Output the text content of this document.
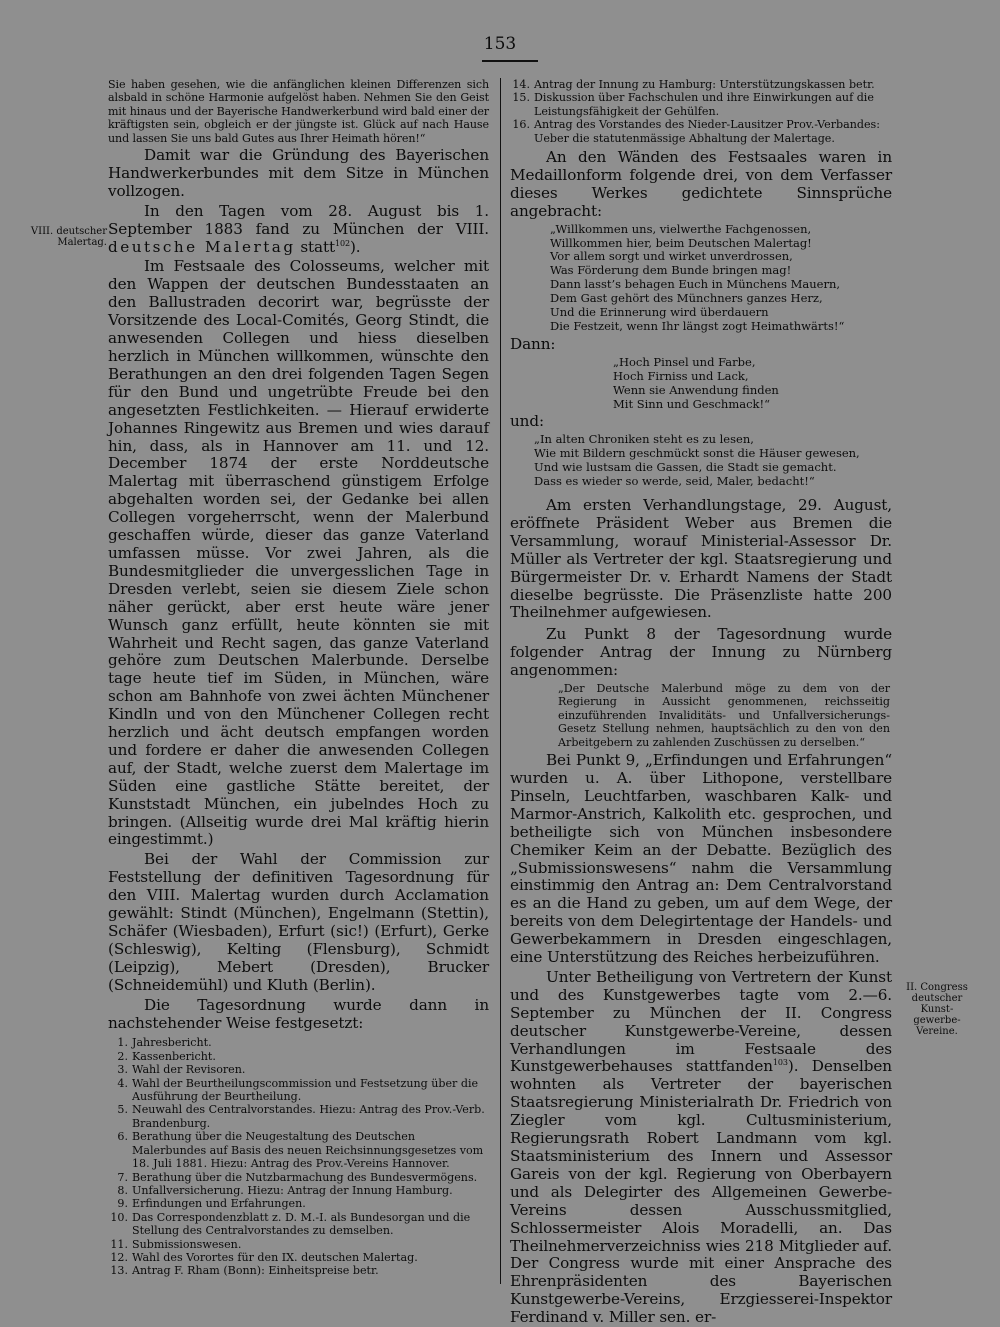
153
VIII. deutscher
Malertag.
II. Congress
deutscher Kunst-
gewerbe-Vereine.
Sie haben gesehen, wie die anfänglichen kleinen Differenzen sich alsbald in schöne Harmonie aufgelöst haben. Nehmen Sie den Geist mit hinaus und der Bayerische Handwerkerbund wird bald einer der kräftigsten sein, obgleich er der jüngste ist. Glück auf nach Hause und lassen Sie uns bald Gutes aus Ihrer Heimath hören!“

Damit war die Gründung des Bayerischen Handwerkerbundes mit dem Sitze in München vollzogen.

In den Tagen vom 28. August bis 1. September 1883 fand zu München der VIII. deutsche Malertag statt$^{102}$).

Im Festsaale des Colosseums, welcher mit den Wappen der deutschen Bundesstaaten an den Ballustraden decorirt war, begrüsste der Vorsitzende des Local-Comités, Georg Stindt, die anwesenden Collegen und hiess dieselben herzlich in München willkommen, wünschte den Berathungen an den drei folgenden Tagen Segen für den Bund und ungetrübte Freude bei den angesetzten Festlichkeiten. — Hierauf erwiderte Johannes Ringewitz aus Bremen und wies darauf hin, dass, als in Hannover am 11. und 12. December 1874 der erste Norddeutsche Malertag mit überraschend günstigem Erfolge abgehalten worden sei, der Gedanke bei allen Collegen vorgeherrscht, wenn der Malerbund geschaffen würde, dieser das ganze Vaterland umfassen müsse. Vor zwei Jahren, als die Bundesmitglieder die unvergesslichen Tage in Dresden verlebt, seien sie diesem Ziele schon näher gerückt, aber erst heute wäre jener Wunsch ganz erfüllt, heute könnten sie mit Wahrheit und Recht sagen, das ganze Vaterland gehöre zum Deutschen Malerbunde. Derselbe tage heute tief im Süden, in München, wäre schon am Bahnhofe von zwei ächten Münchener Kindln und von den Münchener Collegen recht herzlich und ächt deutsch empfangen worden und fordere er daher die anwesenden Collegen auf, der Stadt, welche zuerst dem Malertage im Süden eine gastliche Stätte bereitet, der Kunststadt München, ein jubelndes Hoch zu bringen. (Allseitig wurde drei Mal kräftig hierin eingestimmt.)

Bei der Wahl der Commission zur Feststellung der definitiven Tagesordnung für den VIII. Malertag wurden durch Acclamation gewählt: Stindt (München), Engelmann (Stettin), Schäfer (Wiesbaden), Erfurt (sic!) (Erfurt), Gerke (Schleswig), Kelting (Flensburg), Schmidt (Leipzig), Mebert (Dresden), Brucker (Schneidemühl) und Kluth (Berlin).

Die Tagesordnung wurde dann in nachstehender Weise festgesetzt:

1. Jahresbericht.
2. Kassenbericht.
3. Wahl der Revisoren.
4. Wahl der Beurtheilungscommission und Festsetzung über die Ausführung der Beurtheilung.
5. Neuwahl des Centralvorstandes. Hiezu: Antrag des Prov.-Verb. Brandenburg.
6. Berathung über die Neugestaltung des Deutschen Malerbundes auf Basis des neuen Reichsinnungsgesetzes vom 18. Juli 1881. Hiezu: Antrag des Prov.-Vereins Hannover.
7. Berathung über die Nutzbarmachung des Bundesvermögens.
8. Unfallversicherung. Hiezu: Antrag der Innung Hamburg.
9. Erfindungen und Erfahrungen.
10. Das Correspondenzblatt z. D. M.-I. als Bundesorgan und die Stellung des Centralvorstandes zu demselben.
11. Submissionswesen.
12. Wahl des Vorortes für den IX. deutschen Malertag.
13. Antrag F. Rham (Bonn): Einheitspreise betr.
14. Antrag der Innung zu Hamburg: Unterstützungskassen betr.
15. Diskussion über Fachschulen und ihre Einwirkungen auf die Leistungsfähigkeit der Gehülfen.
16. Antrag des Vorstandes des Nieder-Lausitzer Prov.-Verbandes: Ueber die statutenmässige Abhaltung der Malertage.

An den Wänden des Festsaales waren in Medaillonform folgende drei, von dem Verfasser dieses Werkes gedichtete Sinnsprüche angebracht:

„Willkommen uns, vielwerthe Fachgenossen,
Willkommen hier, beim Deutschen Malertag!
Vor allem sorgt und wirket unverdrossen,
Was Förderung dem Bunde bringen mag!
Dann lasst’s behagen Euch in Münchens Mauern,
Dem Gast gehört des Münchners ganzes Herz,
Und die Erinnerung wird überdauern
Die Festzeit, wenn Ihr längst zogt Heimathwärts!“

Dann:

„Hoch Pinsel und Farbe,
Hoch Firniss und Lack,
Wenn sie Anwendung finden
Mit Sinn und Geschmack!“

und:

„In alten Chroniken steht es zu lesen,
Wie mit Bildern geschmückt sonst die Häuser gewesen,
Und wie lustsam die Gassen, die Stadt sie gemacht.
Dass es wieder so werde, seid, Maler, bedacht!“

Am ersten Verhandlungstage, 29. August, eröffnete Präsident Weber aus Bremen die Versammlung, worauf Ministerial-Assessor Dr. Müller als Vertreter der kgl. Staatsregierung und Bürgermeister Dr. v. Erhardt Namens der Stadt dieselbe begrüsste. Die Präsenzliste hatte 200 Theilnehmer aufgewiesen.

Zu Punkt 8 der Tagesordnung wurde folgender Antrag der Innung zu Nürnberg angenommen:

„Der Deutsche Malerbund möge zu dem von der Regierung in Aussicht genommenen, reichsseitig einzuführenden Invaliditäts- und Unfallversicherungs-Gesetz Stellung nehmen, hauptsächlich zu den von den Arbeitgebern zu zahlenden Zuschüssen zu derselben.“

Bei Punkt 9, „Erfindungen und Erfahrungen“ wurden u. A. über Lithopone, verstellbare Pinseln, Leuchtfarben, waschbaren Kalk- und Marmor-Anstrich, Kalkolith etc. gesprochen, und betheiligte sich von München insbesondere Chemiker Keim an der Debatte. Bezüglich des „Submissionswesens“ nahm die Versammlung einstimmig den Antrag an: Dem Centralvorstand es an die Hand zu geben, um auf dem Wege, der bereits von dem Delegirtentage der Handels- und Gewerbekammern in Dresden eingeschlagen, eine Unterstützung des Reiches herbeizuführen.

Unter Betheiligung von Vertretern der Kunst und des Kunstgewerbes tagte vom 2.—6. September zu München der II. Congress deutscher Kunstgewerbe-Vereine, dessen Verhandlungen im Festsaale des Kunstgewerbehauses stattfanden$^{103}$). Denselben wohnten als Vertreter der bayerischen Staatsregierung Ministerialrath Dr. Friedrich von Ziegler vom kgl. Cultusministerium, Regierungsrath Robert Landmann vom kgl. Staatsministerium des Innern und Assessor Gareis von der kgl. Regierung von Oberbayern und als Delegirter des Allgemeinen Gewerbe-Vereins dessen Ausschussmitglied, Schlossermeister Alois Moradelli, an. Das Theilnehmerverzeichniss wies 218 Mitglieder auf. Der Congress wurde mit einer Ansprache des Ehrenpräsidenten des Bayerischen Kunstgewerbe-Vereins, Erzgiesserei-Inspektor Ferdinand v. Miller sen. er-
